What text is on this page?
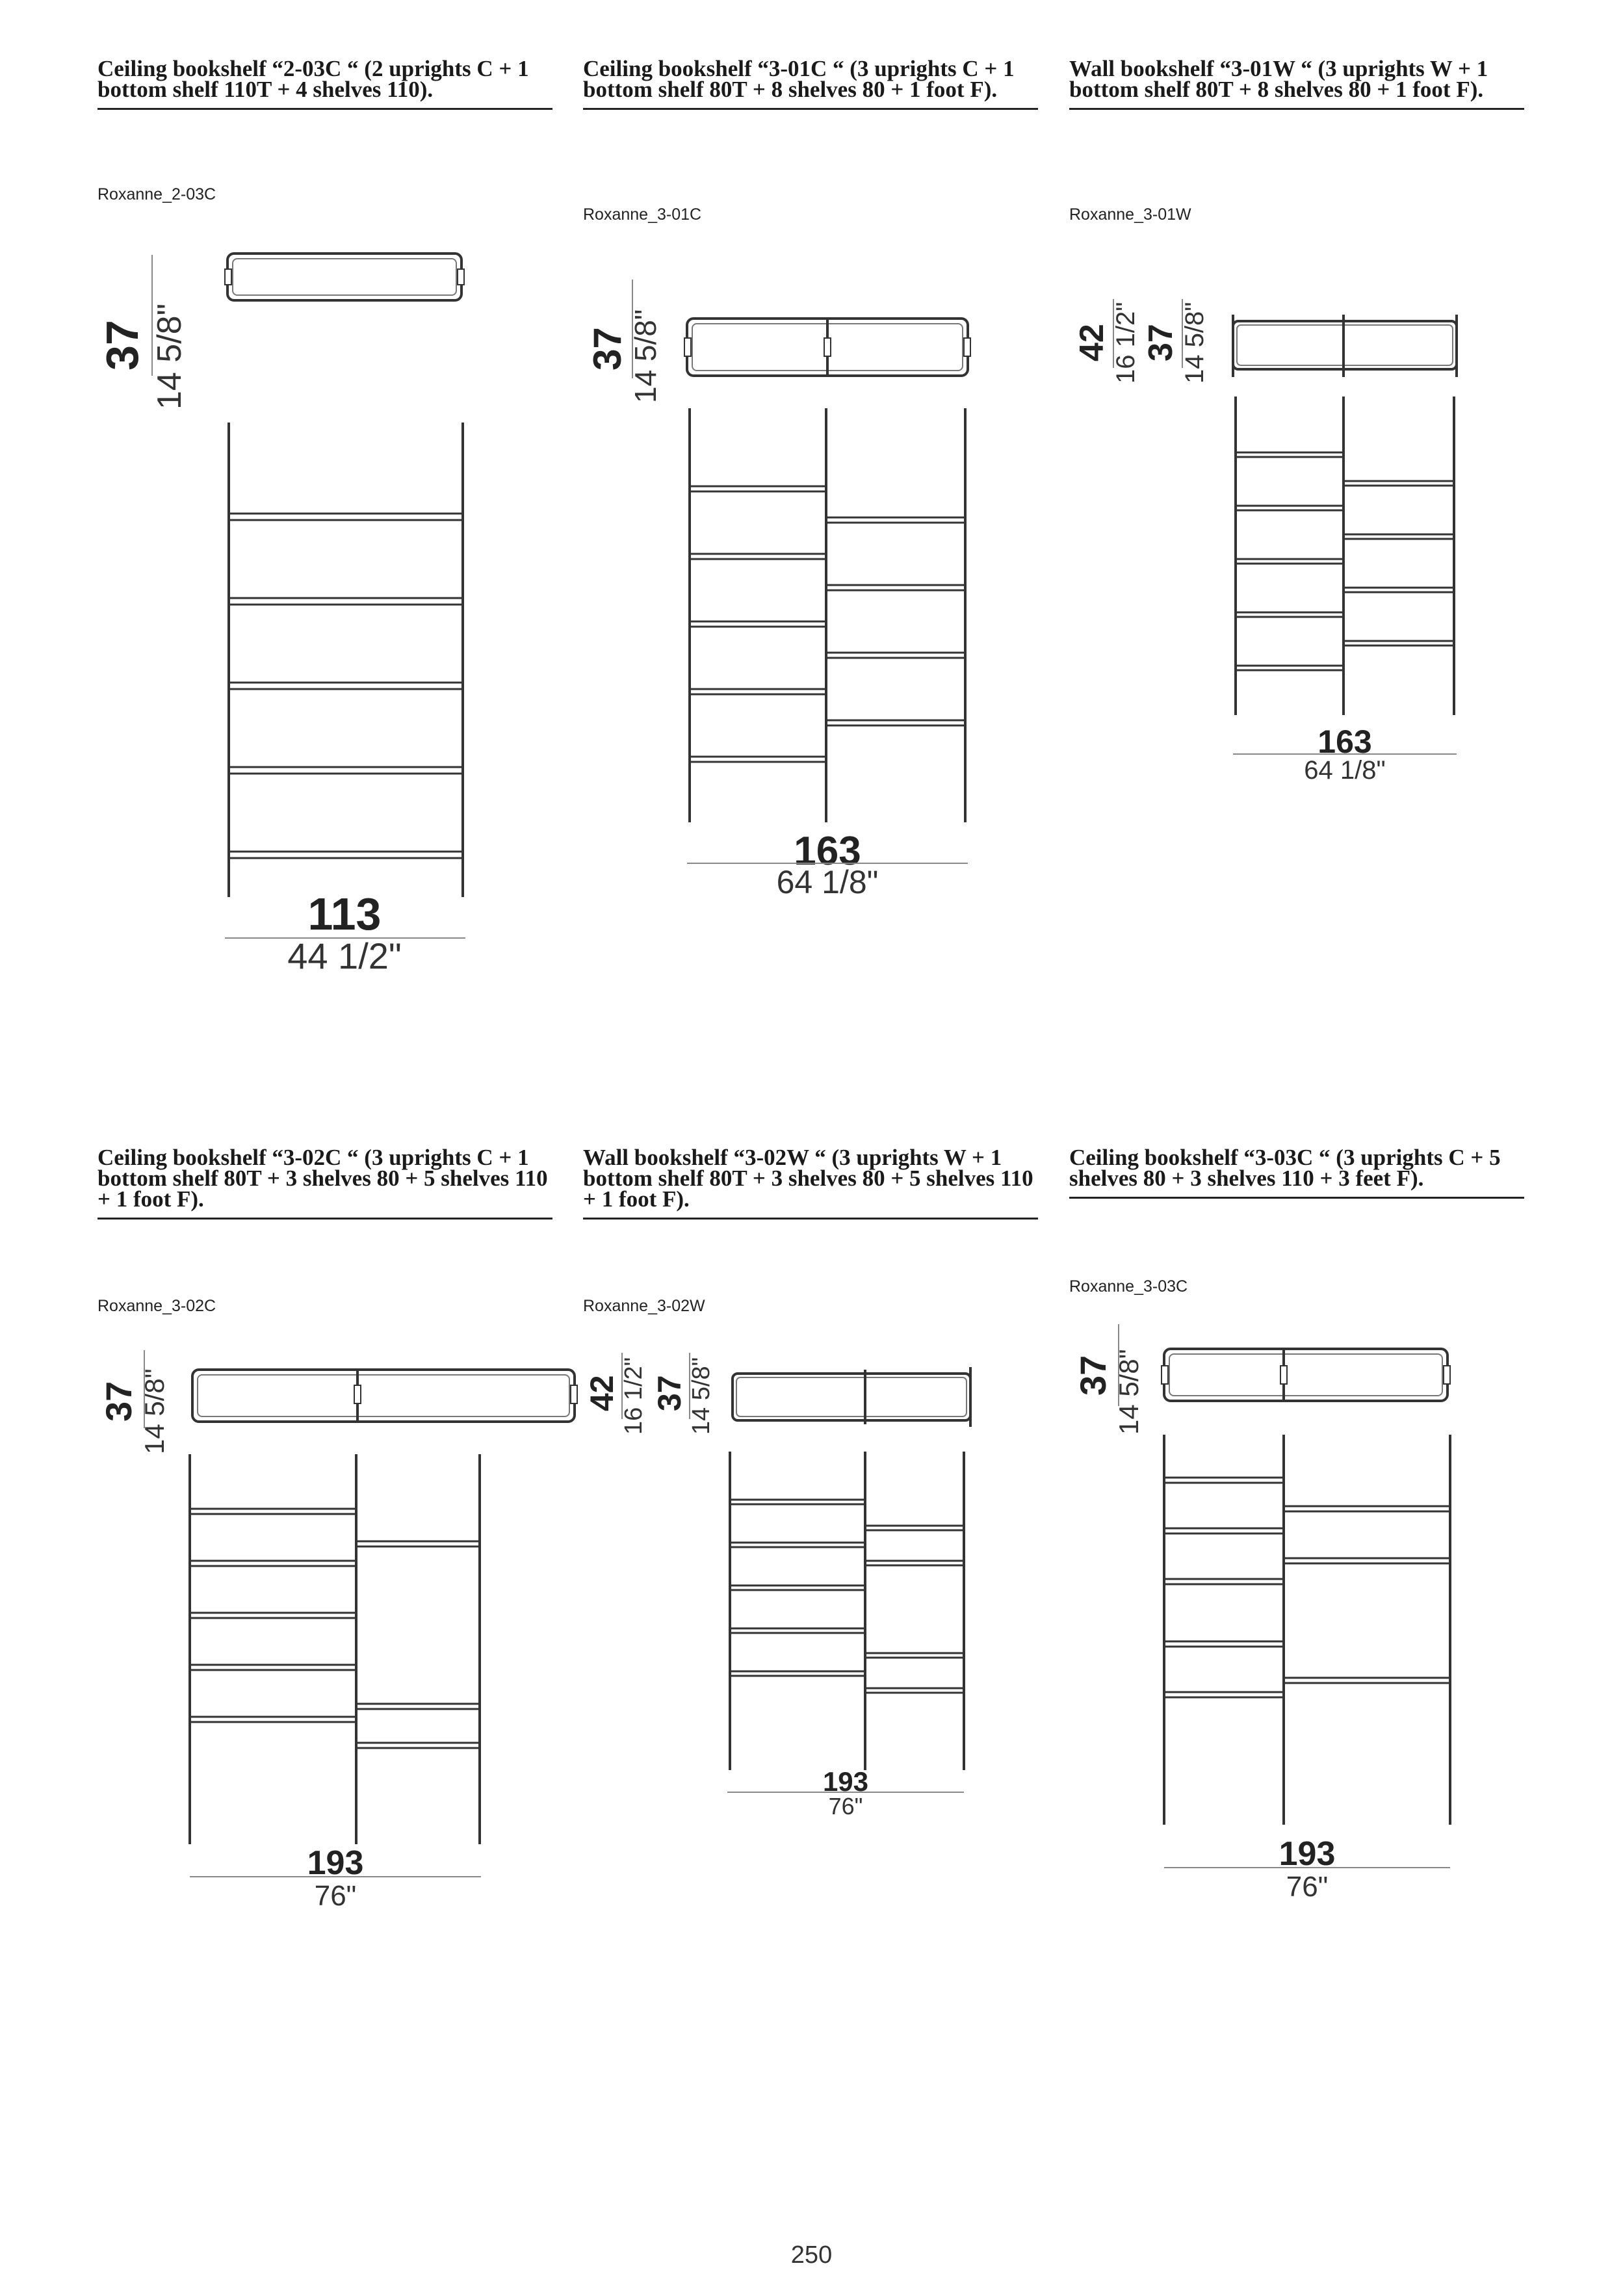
Ceiling bookshelf “2-03C “ (2 uprights C + 1 bottom shelf 110T + 4 shelves 110).
Roxanne_2-03C
37 14 5/8"
113
44 1/2"
Ceiling bookshelf “3-01C “ (3 uprights C + 1 bottom shelf 80T + 8 shelves 80 + 1 foot F).
Roxanne_3-01C
37 14 5/8"
163
64 1/8"
Wall bookshelf “3-01W “ (3 uprights W + 1 bottom shelf 80T + 8 shelves 80 + 1 foot F).
Roxanne_3-01W
42 16 1/2" 37 14 5/8"
163
64 1/8"
Ceiling bookshelf “3-02C “ (3 uprights C + 1 bottom shelf 80T + 3 shelves 80 + 5 shelves 110 + 1 foot F).
Roxanne_3-02C
37 14 5/8"
193
76"
Wall bookshelf “3-02W “ (3 uprights W + 1 bottom shelf 80T + 3 shelves 80 + 5 shelves 110 + 1 foot F).
Roxanne_3-02W
42 16 1/2" 37 14 5/8"
193
76"
Ceiling bookshelf “3-03C “ (3 uprights C + 5 shelves 80 + 3 shelves 110 + 3 feet F).
Roxanne_3-03C
37 14 5/8"
193
76"
250
